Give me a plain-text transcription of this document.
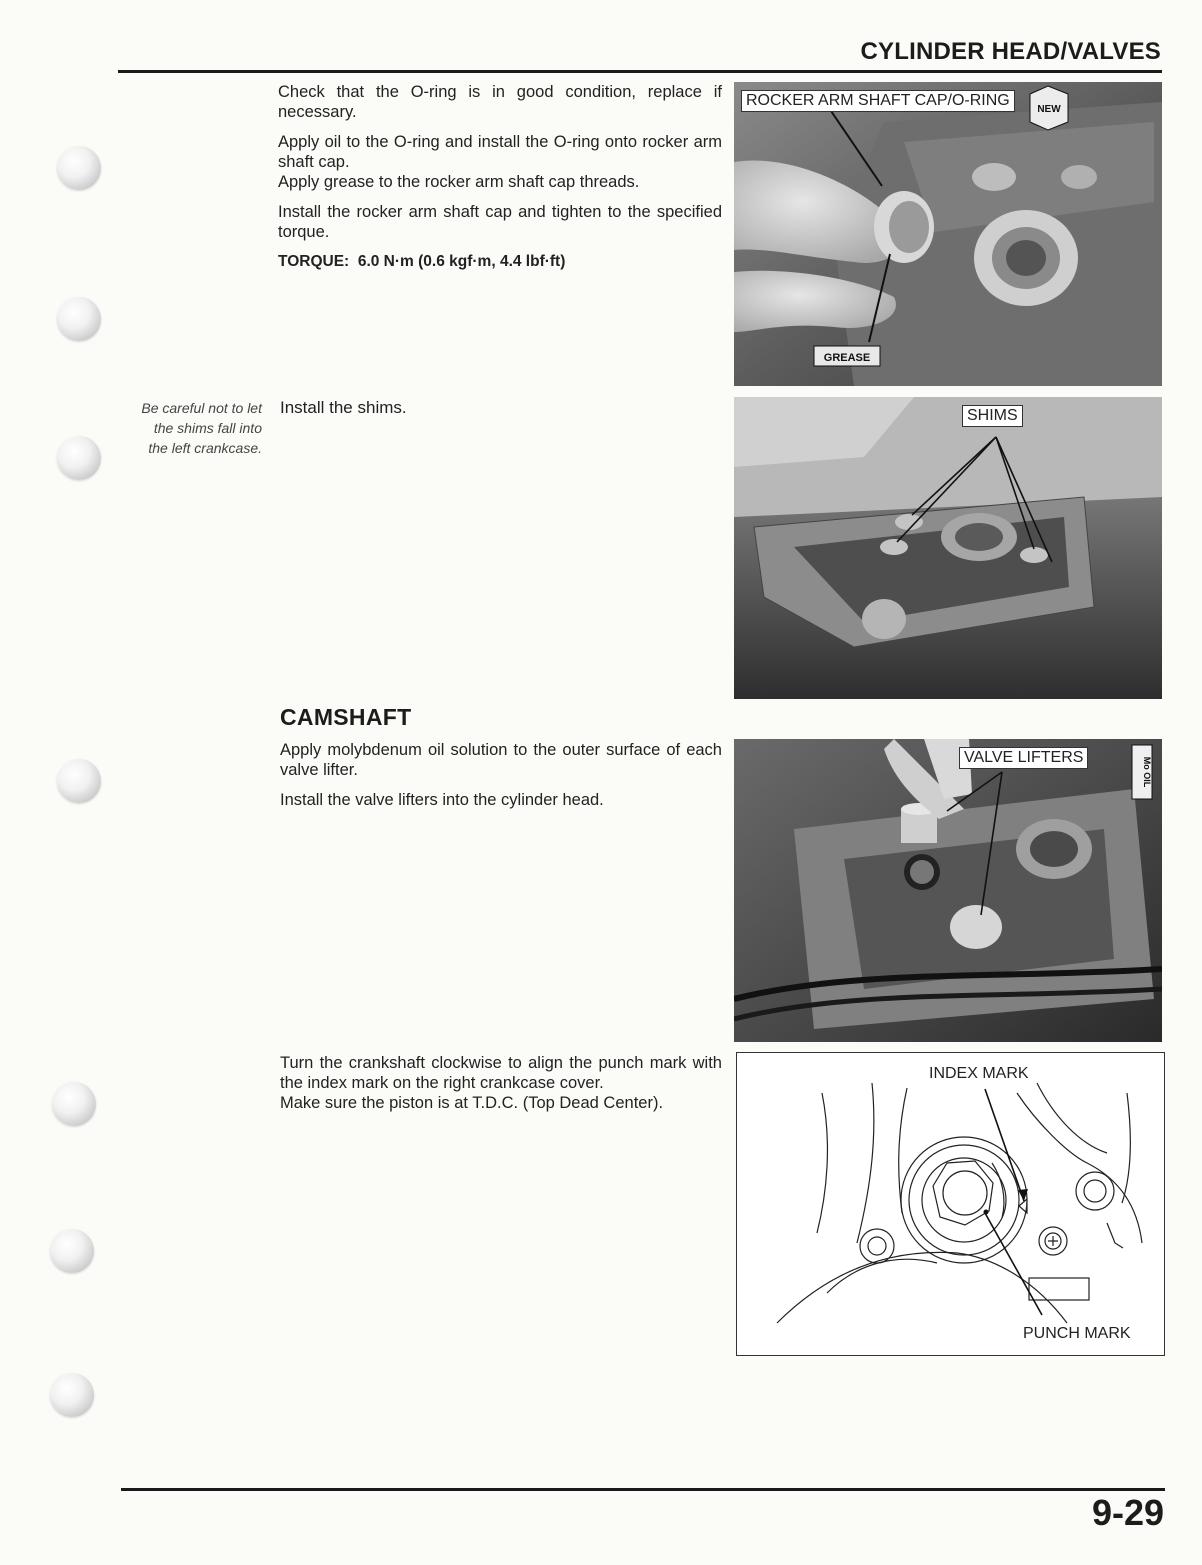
CYLINDER HEAD/VALVES

Check that the O-ring is in good condition, replace if necessary.

Apply oil to the O-ring and install the O-ring onto rocker arm shaft cap.

Apply grease to the rocker arm shaft cap threads.

Install the rocker arm shaft cap and tighten to the specified torque.

TORQUE: 6.0 N·m (0.6 kgf·m, 4.4 lbf·ft)

Be careful not to let
the shims fall into
the left crankcase.
Install the shims.
CAMSHAFT

Apply molybdenum oil solution to the outer surface of each valve lifter.

Install the valve lifters into the cylinder head.

Turn the crankshaft clockwise to align the punch mark with the index mark on the right crankcase cover.

Make sure the piston is at T.D.C. (Top Dead Center).

GREASE
NEW
ROCKER ARM SHAFT CAP/O-RING
SHIMS
Mo OIL
VALVE LIFTERS
INDEX MARK
PUNCH MARK
9-29
